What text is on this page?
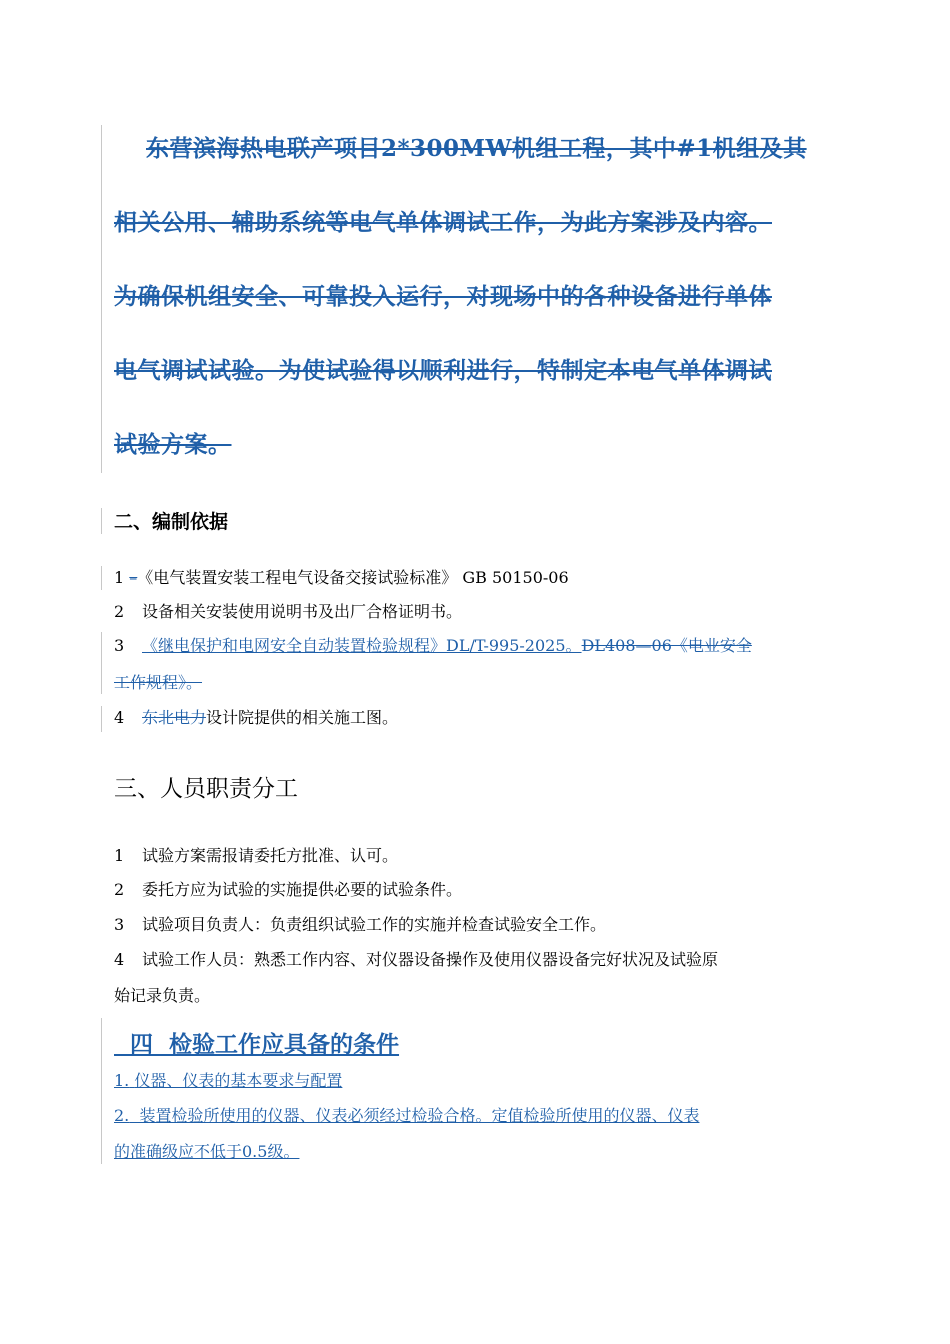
东营滨海热电联产项目2*300MW机组工程，其中#1机组及其
相关公用、辅助系统等电气单体调试工作，为此方案涉及内容。
为确保机组安全、可靠投入运行，对现场中的各种设备进行单体
电气调试试验。为使试验得以顺利进行，特制定本电气单体调试
试验方案。
二、编制依据
1 –《电气装置安装工程电气设备交接试验标准》 GB 50150-06
2 设备相关安装使用说明书及出厂合格证明书。
3 《继电保护和电网安全自动装置检验规程》DL/T-995-2025。DL408—06《电业安全
工作规程》。
4 东北电力设计院提供的相关施工图。
三、人员职责分工
1 试验方案需报请委托方批准、认可。
2 委托方应为试验的实施提供必要的试验条件。
3 试验项目负责人：负责组织试验工作的实施并检查试验安全工作。
4 试验工作人员：熟悉工作内容、对仪器设备操作及使用仪器设备完好状况及试验原
始记录负责。
四  检验工作应具备的条件
1. 仪器、仪表的基本要求与配置
2.  装置检验所使用的仪器、仪表必须经过检验合格。定值检验所使用的仪器、仪表
的准确级应不低于0.5级。
